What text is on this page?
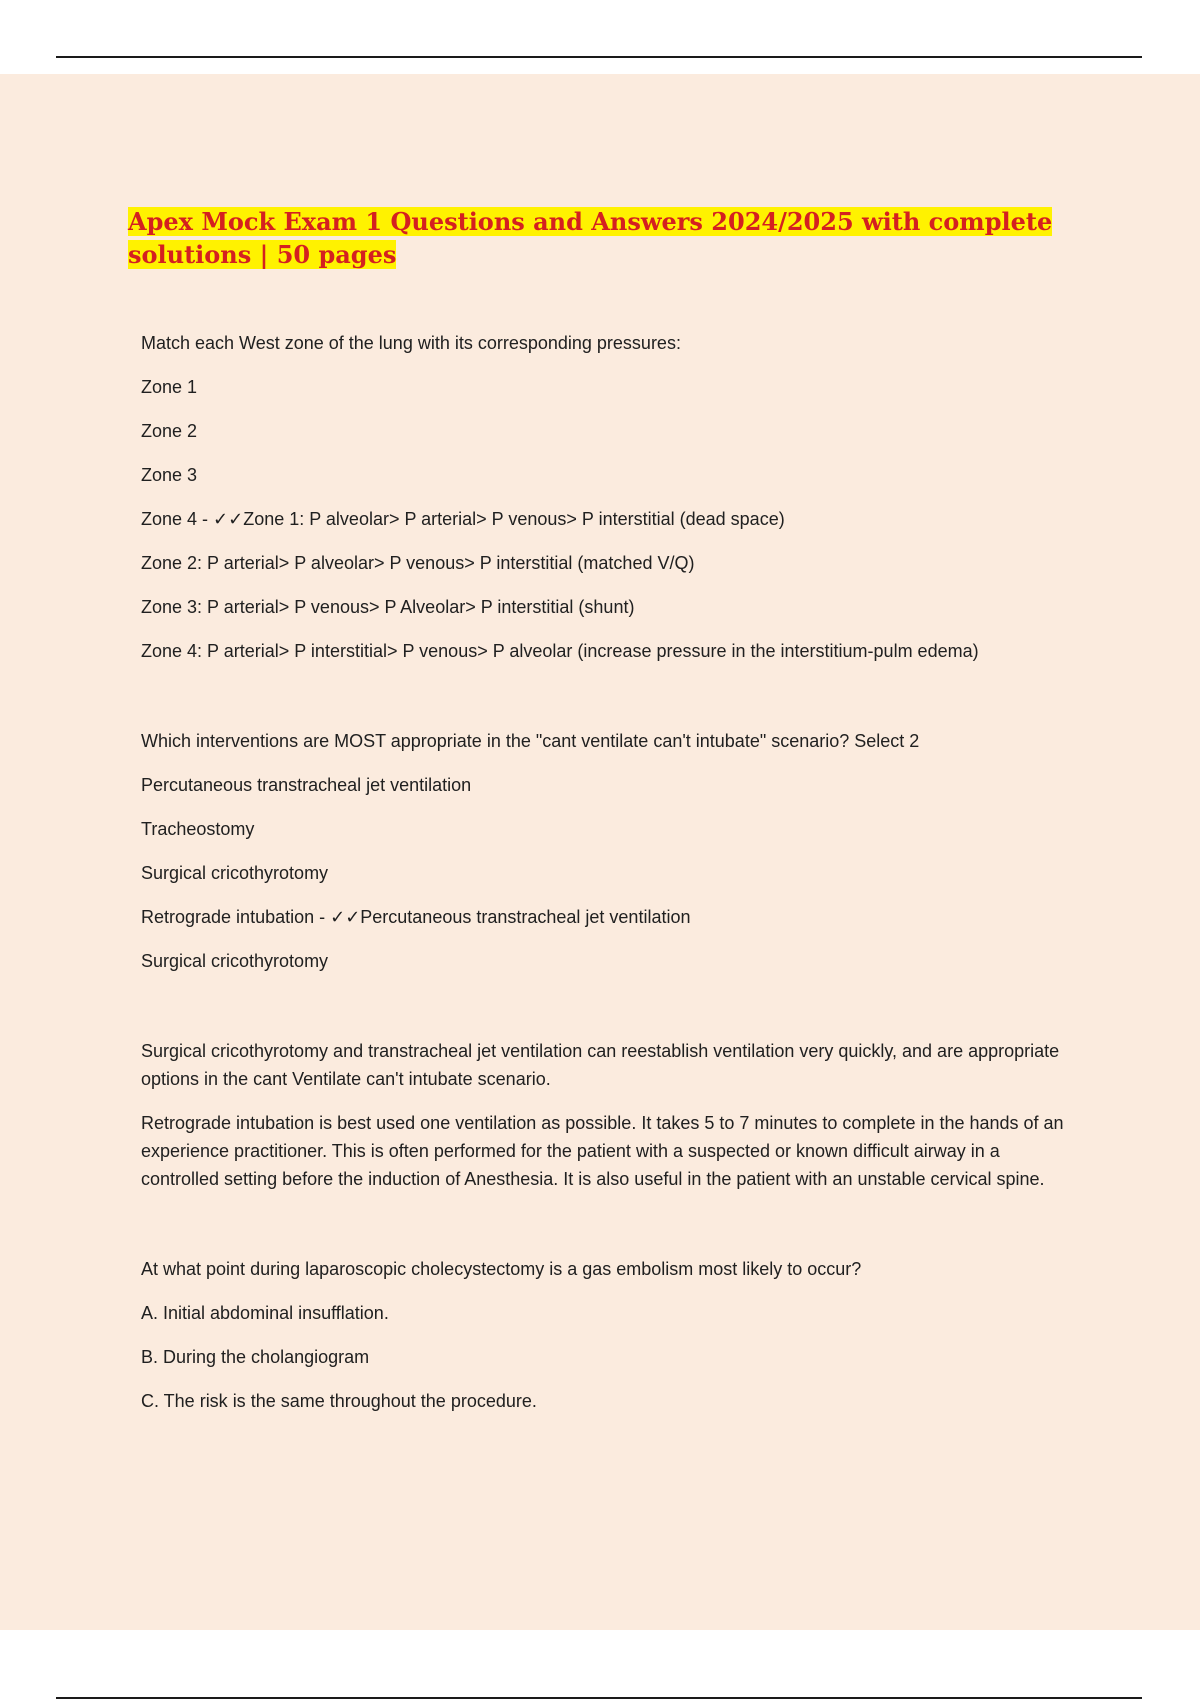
Apex Mock Exam 1 Questions and Answers 2024/2025 with complete solutions | 50 pages
Match each West zone of the lung with its corresponding pressures:
Zone 1
Zone 2
Zone 3
Zone 4 - ✓✓Zone 1: P alveolar> P arterial> P venous> P interstitial (dead space)
Zone 2: P arterial> P alveolar> P venous> P interstitial (matched V/Q)
Zone 3: P arterial> P venous> P Alveolar> P interstitial (shunt)
Zone 4: P arterial> P interstitial> P venous> P alveolar (increase pressure in the interstitium-pulm edema)
Which interventions are MOST appropriate in the "cant ventilate can't intubate" scenario? Select 2
Percutaneous transtracheal jet ventilation
Tracheostomy
Surgical cricothyrotomy
Retrograde intubation - ✓✓Percutaneous transtracheal jet ventilation
Surgical cricothyrotomy
Surgical cricothyrotomy and transtracheal jet ventilation can reestablish ventilation very quickly, and are appropriate options in the cant Ventilate can't intubate scenario.
Retrograde intubation is best used one ventilation as possible. It takes 5 to 7 minutes to complete in the hands of an experience practitioner. This is often performed for the patient with a suspected or known difficult airway in a controlled setting before the induction of Anesthesia. It is also useful in the patient with an unstable cervical spine.
At what point during laparoscopic cholecystectomy is a gas embolism most likely to occur?
A. Initial abdominal insufflation.
B. During the cholangiogram
C. The risk is the same throughout the procedure.
